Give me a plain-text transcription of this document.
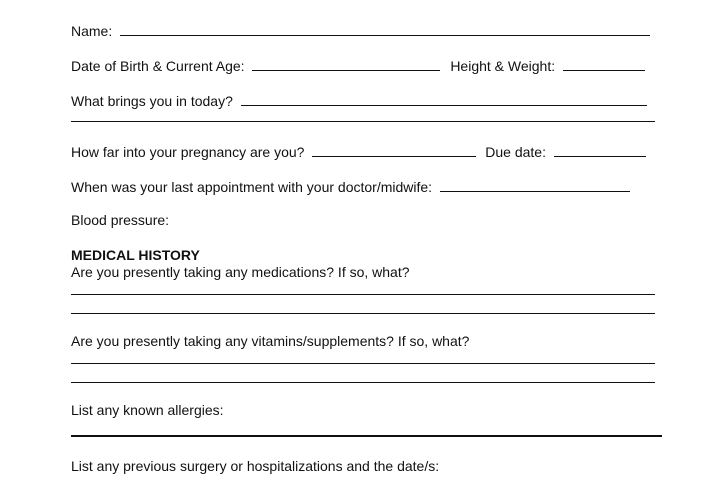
Name:
Date of Birth & Current Age:	Height & Weight:
What brings you in today?
How far into your pregnancy are you?	Due date:
When was your last appointment with your doctor/midwife:
Blood pressure:
MEDICAL HISTORY
Are you presently taking any medications? If so, what?
Are you presently taking any vitamins/supplements? If so, what?
List any known allergies:
List any previous surgery or hospitalizations and the date/s:
